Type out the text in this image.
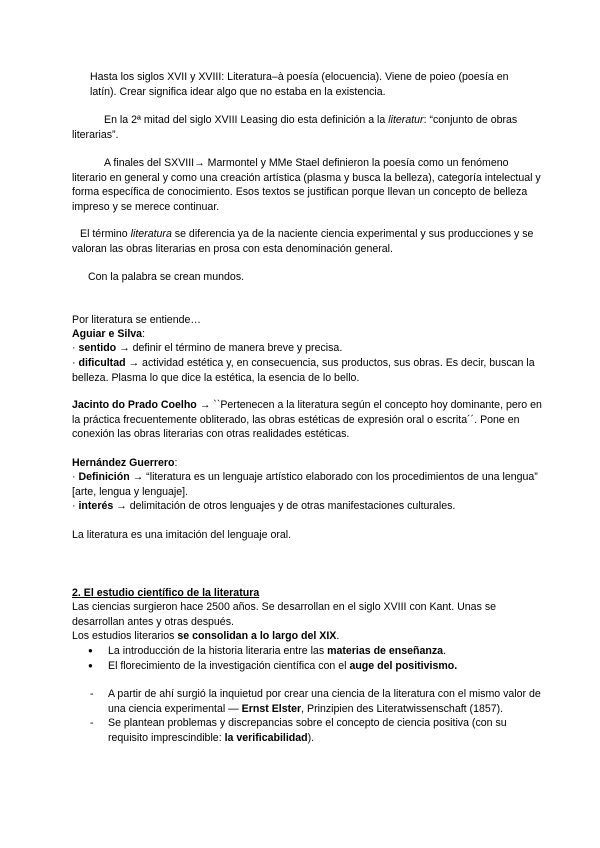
Hasta los siglos XVII y XVIII: Literatura–à poesía (elocuencia). Viene de poieo (poesía en latín). Crear significa idear algo que no estaba en la existencia.

En la 2ª mitad del siglo XVIII Leasing dio esta definición a la literatur: “conjunto de obras literarias”.

A finales del SXVIII→ Marmontel y MMe Stael definieron la poesía como un fenómeno literario en general y como una creación artística (plasma y busca la belleza), categoría intelectual y forma específica de conocimiento. Esos textos se justifican porque llevan un concepto de belleza impreso y se merece continuar.

El término literatura se diferencia ya de la naciente ciencia experimental y sus producciones y se valoran las obras literarias en prosa con esta denominación general.

Con la palabra se crean mundos.

Por literatura se entiende…

Aguiar e Silva:

· sentido → definir el término de manera breve y precisa.

· dificultad → actividad estética y, en consecuencia, sus productos, sus obras. Es decir, buscan la belleza. Plasma lo que dice la estética, la esencia de lo bello.

Jacinto do Prado Coelho → ``Pertenecen a la literatura según el concepto hoy dominante, pero en la práctica frecuentemente obliterado, las obras estéticas de expresión oral o escrita´´. Pone en conexión las obras literarias con otras realidades estéticas.

Hernández Guerrero:

· Definición → “literatura es un lenguaje artístico elaborado con los procedimientos de una lengua” [arte, lengua y lenguaje].

· interés → delimitación de otros lenguajes y de otras manifestaciones culturales.

La literatura es una imitación del lenguaje oral.

2. El estudio científico de la literatura

Las ciencias surgieron hace 2500 años. Se desarrollan en el siglo XVIII con Kant. Unas se desarrollan antes y otras después.

Los estudios literarios se consolidan a lo largo del XIX.

● La introducción de la historia literaria entre las materias de enseñanza.
● El florecimiento de la investigación científica con el auge del positivismo.
- A partir de ahí surgió la inquietud por crear una ciencia de la literatura con el mismo valor de una ciencia experimental — Ernst Elster, Prinzipien des Literatwissenschaft (1857).
- Se plantean problemas y discrepancias sobre el concepto de ciencia positiva (con su requisito imprescindible: la verificabilidad).
